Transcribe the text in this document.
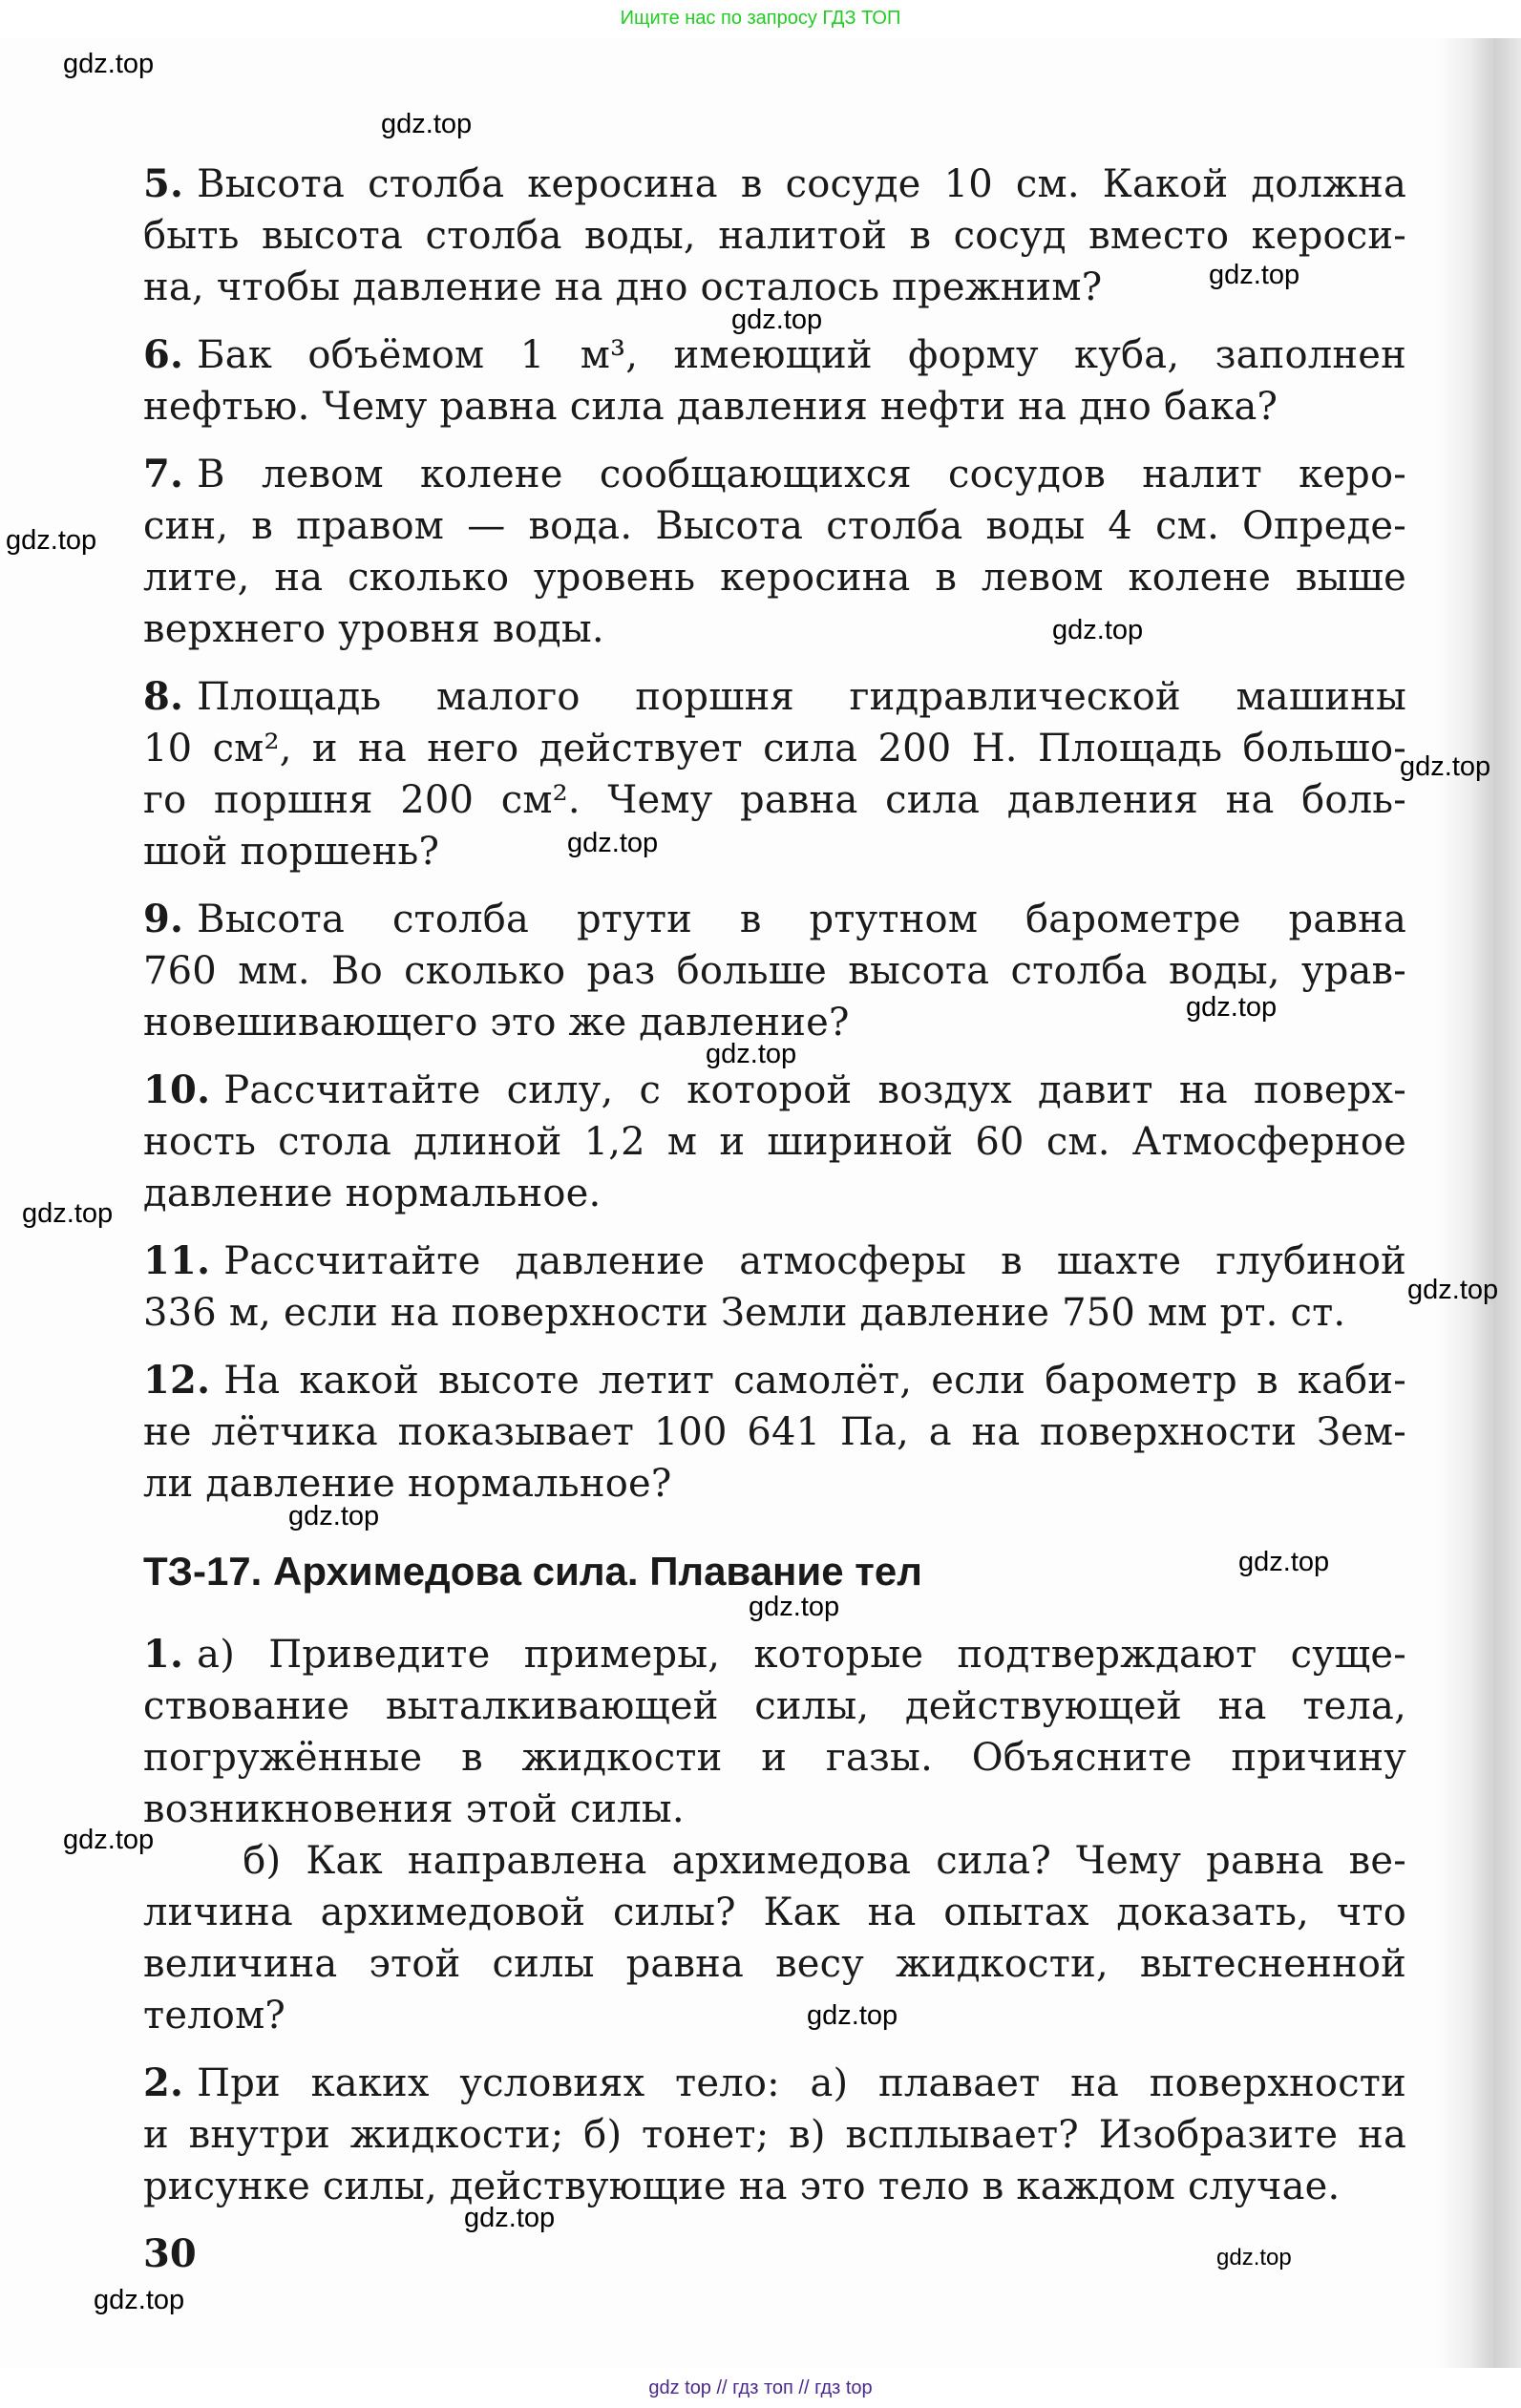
Ищите нас по запросу ГДЗ ТОП
5. Высота столба керосина в сосуде 10 см. Какой должна
быть высота столба воды, налитой в сосуд вместо кероси-
на, чтобы давление на дно осталось прежним?
6. Бак объёмом 1 м³, имеющий форму куба, заполнен
нефтью. Чему равна сила давления нефти на дно бака?
7. В левом колене сообщающихся сосудов налит керо-
син, в правом — вода. Высота столба воды 4 см. Опреде-
лите, на сколько уровень керосина в левом колене выше
верхнего уровня воды.
8. Площадь малого поршня гидравлической машины
10 см², и на него действует сила 200 Н. Площадь большо-
го поршня 200 см². Чему равна сила давления на боль-
шой поршень?
9. Высота столба ртути в ртутном барометре равна
760 мм. Во сколько раз больше высота столба воды, урав-
новешивающего это же давление?
10. Рассчитайте силу, с которой воздух давит на поверх-
ность стола длиной 1,2 м и шириной 60 см. Атмосферное
давление нормальное.
11. Рассчитайте давление атмосферы в шахте глубиной
336 м, если на поверхности Земли давление 750 мм рт. ст.
12. На какой высоте летит самолёт, если барометр в каби-
не лётчика показывает 100 641 Па, а на поверхности Зем-
ли давление нормальное?
ТЗ-17. Архимедова сила. Плавание тел
1. а) Приведите примеры, которые подтверждают суще-
ствование выталкивающей силы, действующей на тела,
погружённые в жидкости и газы. Объясните причину
возникновения этой силы.
б) Как направлена архимедова сила? Чему равна ве-
личина архимедовой силы? Как на опытах доказать, что
величина этой силы равна весу жидкости, вытесненной
телом?
2. При каких условиях тело: а) плавает на поверхности
и внутри жидкости; б) тонет; в) всплывает? Изобразите на
рисунке силы, действующие на это тело в каждом случае.
30
gdz.top
gdz.top
gdz.top
gdz.top
gdz.top
gdz.top
gdz.top
gdz.top
gdz.top
gdz.top
gdz.top
gdz.top
gdz.top
gdz.top
gdz.top
gdz.top
gdz.top
gdz.top
gdz.top
gdz.top
gdz top // гдз топ // гдз top
